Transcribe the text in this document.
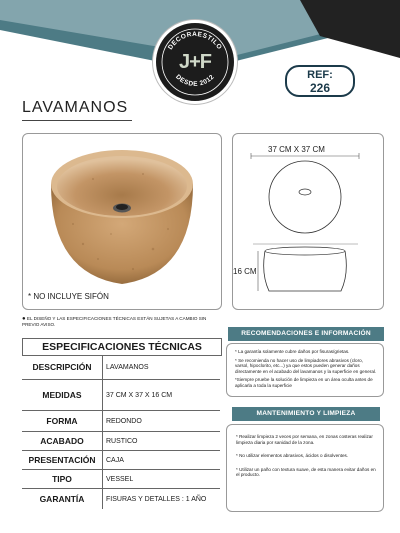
DECORAESTILO
DESDE 2012
J+F
REF:
226
LAVAMANOS
* NO INCLUYE SIFÓN
37 CM X 37 CM
16 CM
● EL DISEÑO Y LAS ESPECIFICACIONES TÉCNICAS ESTÁN SUJETAS A CAMBIO SIN PREVIO AVISO.
ESPECIFICACIONES TÉCNICAS
DESCRIPCIÓN	LAVAMANOS
MEDIDAS	37 CM X 37 X 16 CM
FORMA	REDONDO
ACABADO	RUSTICO
PRESENTACIÓN	CAJA
TIPO	VESSEL
GARANTÍA	FISURAS Y DETALLES : 1 AÑO
RECOMENDACIONES E INFORMACIÓN

* La garantía solamente cubre daños por fisuras/grietas.

* Se recomienda no hacer uso de limpiadores abrasivos (cloro, varsol, hipoclorito, etc...) ya que estos pueden generar daños directamente en el acabado del lavamanos y la superficie en general.

*Siempre pruebe la solución de limpieza en un área oculta antes de aplicarla a toda la superficie

MANTENIMIENTO Y LIMPIEZA

* Realizar limpieza 2 veces por semana, en zonas costeras realizar limpieza diaria por sanidad de la zona.

* No utilizar elementos abrasivos, ácidos o disolventes.

* Utilizar un paño con textura suave, de esta manera evitar daños en el producto.
